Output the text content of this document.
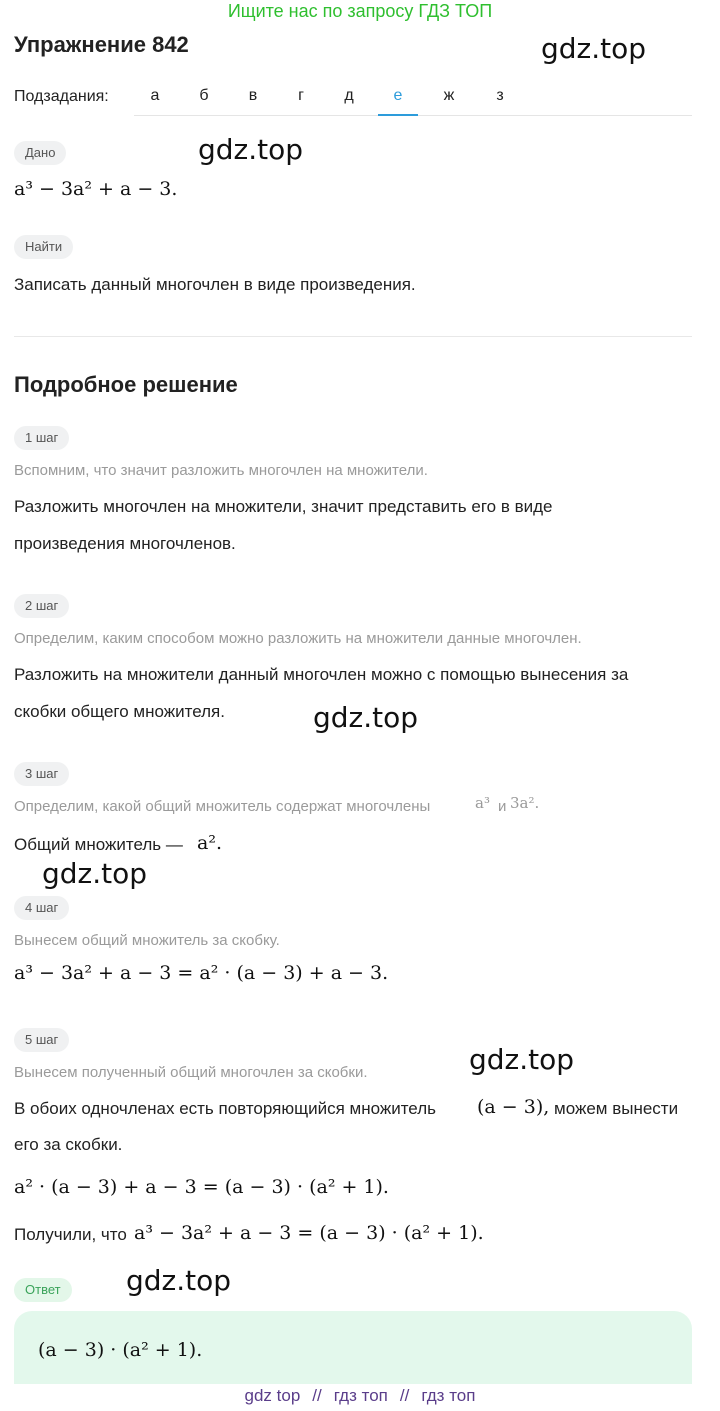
Ищите нас по запросу ГДЗ ТОП
gdz.top
gdz.top
gdz.top
gdz.top
gdz.top
gdz.top
Упражнение 842
Подзадания:	а	б	в	г	д	е	ж	з
Дано
a³ − 3a² + a − 3.
Найти
Записать данный многочлен в виде произведения.
Подробное решение
1 шаг
Вспомним, что значит разложить многочлен на множители.
Разложить многочлен на множители, значит представить его в виде
произведения многочленов.
2 шаг
Определим, каким способом можно разложить на множители данные многочлен.
Разложить на множители данный многочлен можно с помощью вынесения за
скобки общего множителя.
3 шаг
Определим, какой общий множитель содержат многочлены	a³ и 3a².
Общий множитель — a².
4 шаг
Вынесем общий множитель за скобку.
a³ − 3a² + a − 3 = a² · (a − 3) + a − 3.
5 шаг
Вынесем полученный общий многочлен за скобки.
В обоих одночленах есть повторяющийся множитель (a − 3), можем вынести
его за скобки.
a² · (a − 3) + a − 3 = (a − 3) · (a² + 1).
Получили, что a³ − 3a² + a − 3 = (a − 3) · (a² + 1).
Ответ
(a − 3) · (a² + 1).
gdz top // гдз топ // гдз топ
